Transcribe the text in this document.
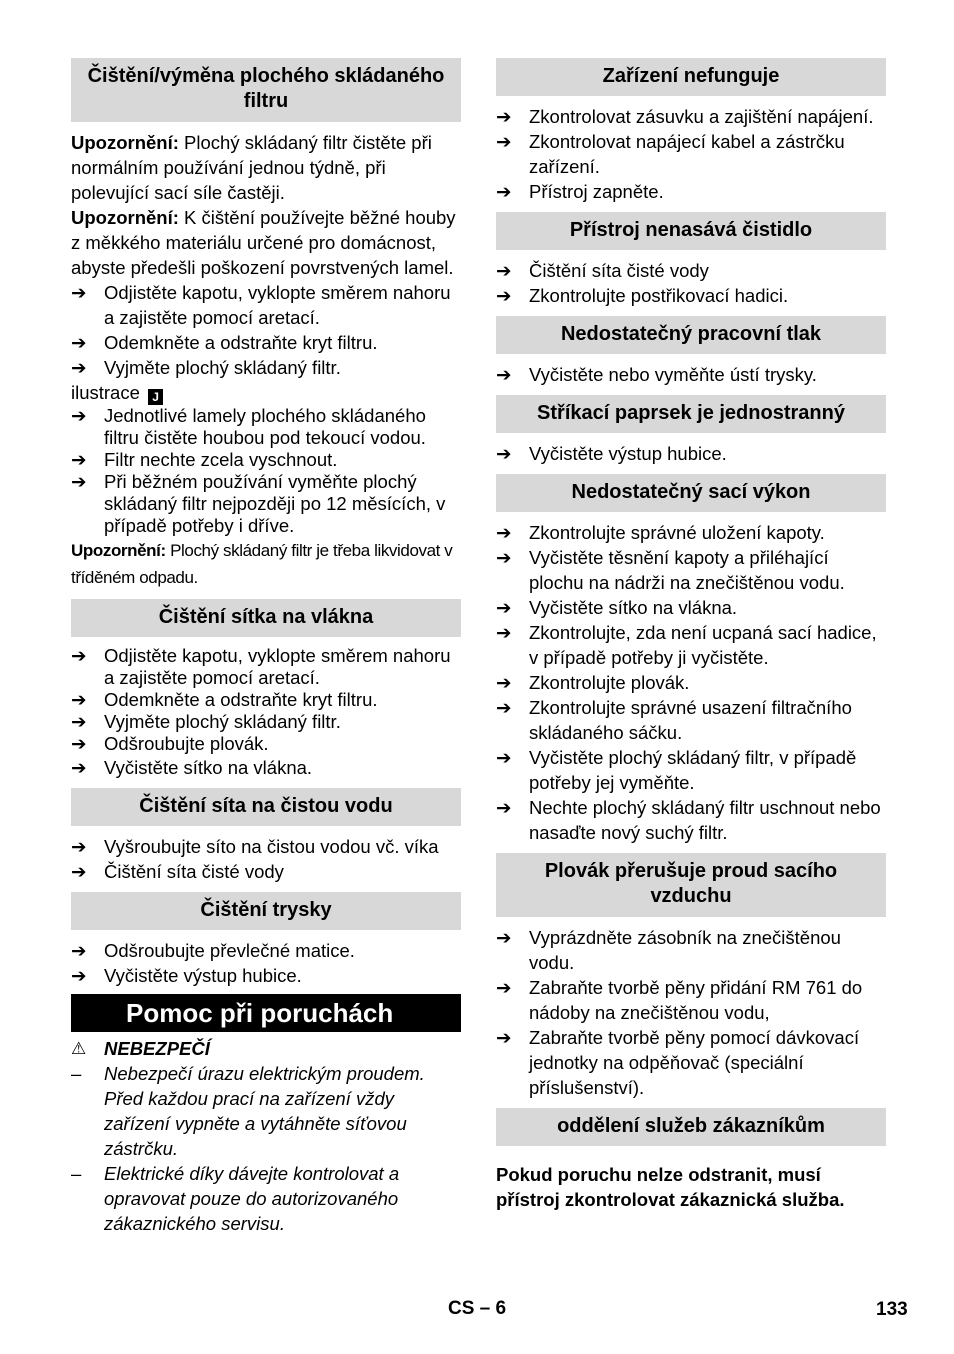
Čištění/výměna plochého skládaného filtru

Upozornění: Plochý skládaný filtr čistěte při normálním používání jednou týdně, při polevující sací síle častěji.

Upozornění: K čištění používejte běžné houby z měkkého materiálu určené pro domácnost, abyste předešli poškození povrstvených lamel.

➔ Odjistěte kapotu, vyklopte směrem nahoru a zajistěte pomocí aretací.
➔ Odemkněte a odstraňte kryt filtru.
➔ Vyjměte plochý skládaný filtr.

ilustrace J

➔ Jednotlivé lamely plochého skládaného filtru čistěte houbou pod tekoucí vodou.
➔ Filtr nechte zcela vyschnout.
➔ Při běžném používání vyměňte plochý skládaný filtr nejpozději po 12 měsících, v případě potřeby i dříve.

Upozornění: Plochý skládaný filtr je třeba likvidovat v tříděném odpadu.

Čištění sítka na vlákna
➔ Odjistěte kapotu, vyklopte směrem nahoru a zajistěte pomocí aretací.
➔ Odemkněte a odstraňte kryt filtru.
➔ Vyjměte plochý skládaný filtr.
➔ Odšroubujte plovák.
➔ Vyčistěte sítko na vlákna.
Čištění síta na čistou vodu
➔ Vyšroubujte síto na čistou vodou vč. víka
➔ Čištění síta čisté vody
Čištění trysky
➔ Odšroubujte převlečné matice.
➔ Vyčistěte výstup hubice.
Pomoc při poruchách
⚠ NEBEZPEČÍ
– Nebezpečí úrazu elektrickým proudem. Před každou prací na zařízení vždy zařízení vypněte a vytáhněte síťovou zástrčku.
– Elektrické díky dávejte kontrolovat a opravovat pouze do autorizovaného zákaznického servisu.
Zařízení nefunguje
➔ Zkontrolovat zásuvku a zajištění napájení.
➔ Zkontrolovat napájecí kabel a zástrčku zařízení.
➔ Přístroj zapněte.
Přístroj nenasává čistidlo
➔ Čištění síta čisté vody
➔ Zkontrolujte postřikovací hadici.
Nedostatečný pracovní tlak
➔ Vyčistěte nebo vyměňte ústí trysky.
Stříkací paprsek je jednostranný
➔ Vyčistěte výstup hubice.
Nedostatečný sací výkon
➔ Zkontrolujte správné uložení kapoty.
➔ Vyčistěte těsnění kapoty a přiléhající plochu na nádrži na znečištěnou vodu.
➔ Vyčistěte sítko na vlákna.
➔ Zkontrolujte, zda není ucpaná sací hadice, v případě potřeby ji vyčistěte.
➔ Zkontrolujte plovák.
➔ Zkontrolujte správné usazení filtračního skládaného sáčku.
➔ Vyčistěte plochý skládaný filtr, v případě potřeby jej vyměňte.
➔ Nechte plochý skládaný filtr uschnout nebo nasaďte nový suchý filtr.
Plovák přerušuje proud sacího vzduchu
➔ Vyprázdněte zásobník na znečištěnou vodu.
➔ Zabraňte tvorbě pěny přidání RM 761 do nádoby na znečištěnou vodu,
➔ Zabraňte tvorbě pěny pomocí dávkovací jednotky na odpěňovač (speciální příslušenství).
oddělení služeb zákazníkům

Pokud poruchu nelze odstranit, musí přístroj zkontrolovat zákaznická služba.

CS – 6	133
